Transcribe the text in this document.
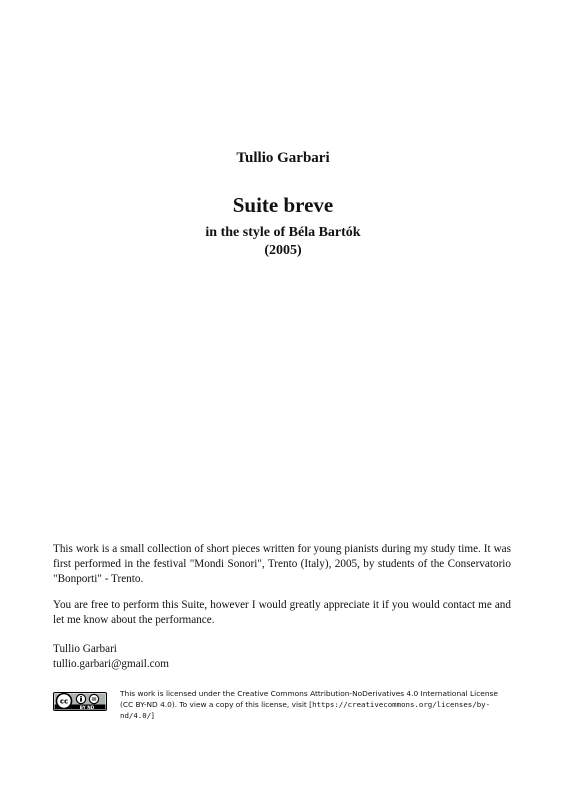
Tullio Garbari
Suite breve
in the style of Béla Bartók
(2005)
This work is a small collection of short pieces written for young pianists during my study time. It was first performed in the festival "Mondi Sonori", Trento (Italy), 2005, by students of the Conservatorio "Bonporti" - Trento.
You are free to perform this Suite, however I would greatly appreciate it if you would contact me and let me know about the performance.
Tullio Garbari
tullio.garbari@gmail.com
cc
BY ND
This work is licensed under the Creative Commons Attribution-NoDerivatives 4.0 International License
(CC BY-ND 4.0). To view a copy of this license, visit [https://creativecommons.org/licenses/by-nd/4.0/]
